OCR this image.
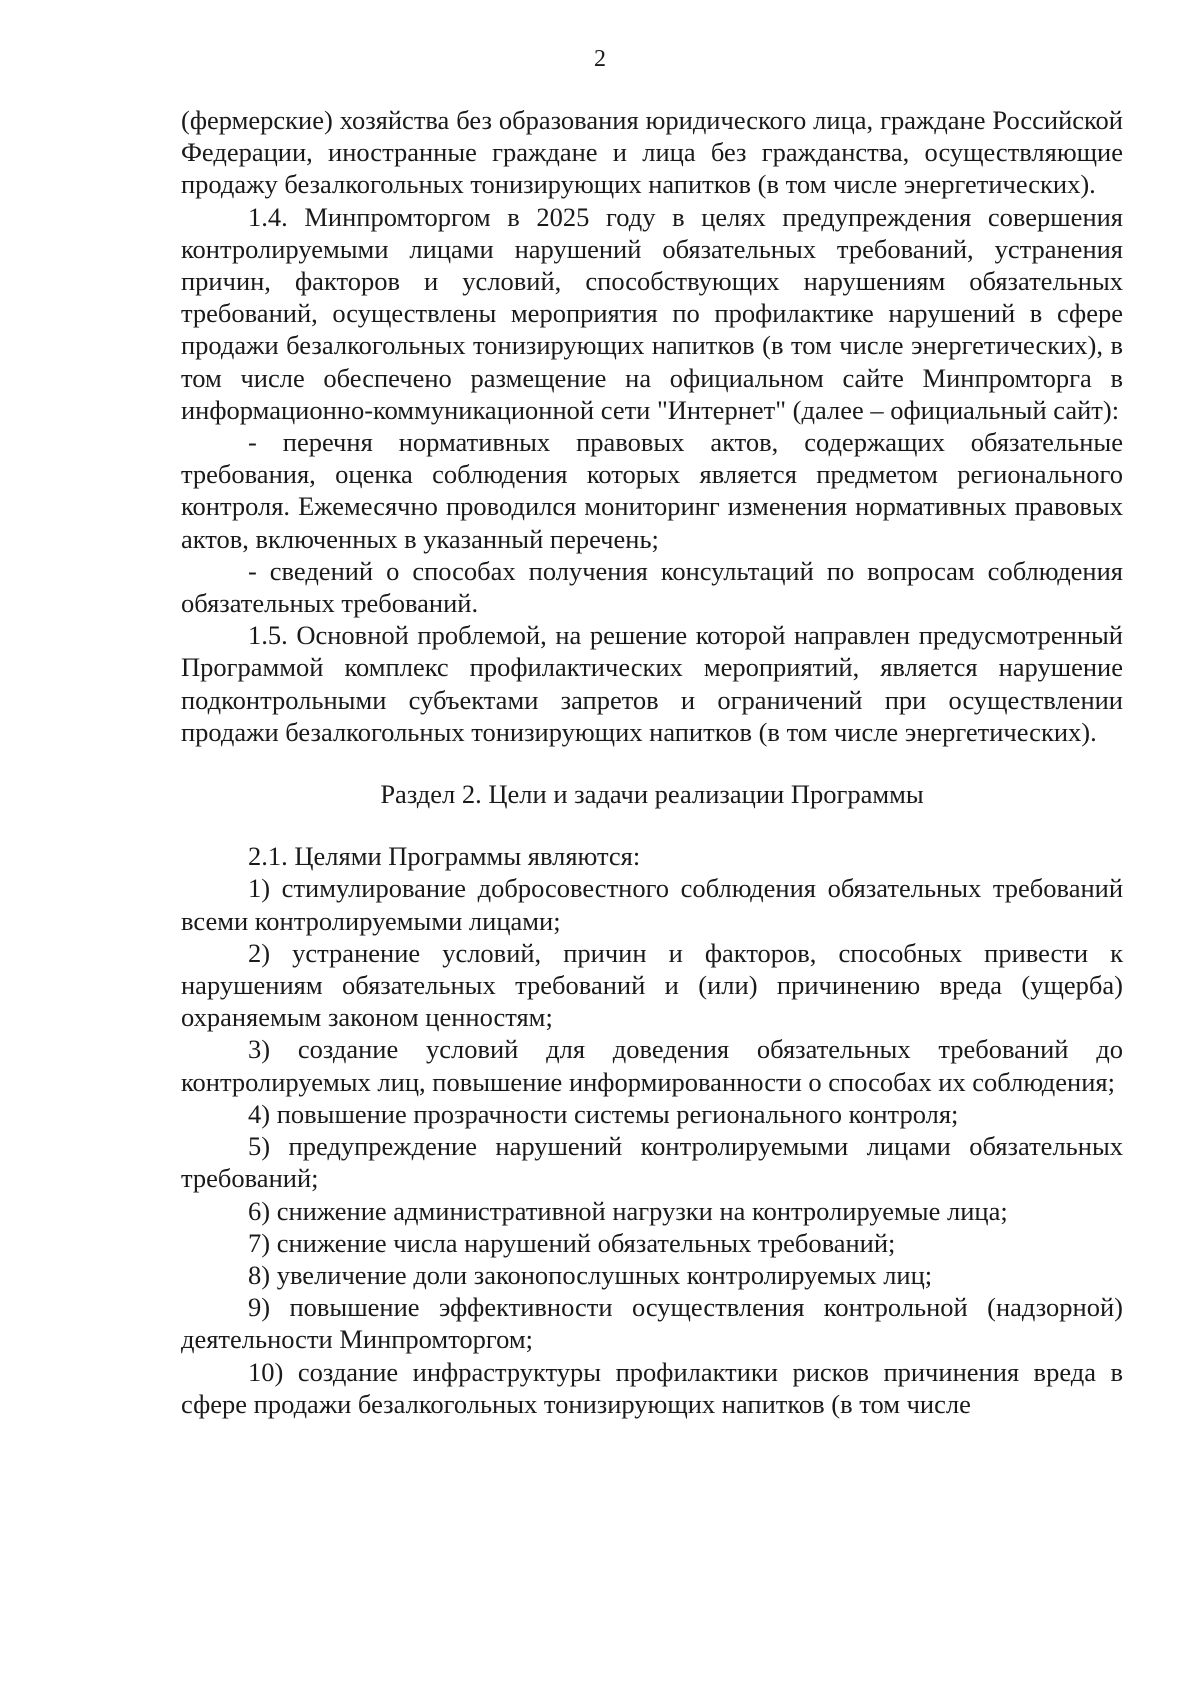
2

(фермерские) хозяйства без образования юридического лица, граждане Российской Федерации, иностранные граждане и лица без гражданства, осуществляющие продажу безалкогольных тонизирующих напитков (в том числе энергетических).

1.4. Минпромторгом в 2025 году в целях предупреждения совершения контролируемыми лицами нарушений обязательных требований, устранения причин, факторов и условий, способствующих нарушениям обязательных требований, осуществлены мероприятия по профилактике нарушений в сфере продажи безалкогольных тонизирующих напитков (в том числе энергетических), в том числе обеспечено размещение на официальном сайте Минпромторга в информационно-коммуникационной сети "Интернет" (далее – официальный сайт):

- перечня нормативных правовых актов, содержащих обязательные требования, оценка соблюдения которых является предметом регионального контроля. Ежемесячно проводился мониторинг изменения нормативных правовых актов, включенных в указанный перечень;

- сведений о способах получения консультаций по вопросам соблюдения обязательных требований.

1.5. Основной проблемой, на решение которой направлен предусмотренный Программой комплекс профилактических мероприятий, является нарушение подконтрольными субъектами запретов и ограничений при осуществлении продажи безалкогольных тонизирующих напитков (в том числе энергетических).

Раздел 2. Цели и задачи реализации Программы

2.1. Целями Программы являются:

1) стимулирование добросовестного соблюдения обязательных требований всеми контролируемыми лицами;

2) устранение условий, причин и факторов, способных привести к нарушениям обязательных требований и (или) причинению вреда (ущерба) охраняемым законом ценностям;

3) создание условий для доведения обязательных требований до контролируемых лиц, повышение информированности о способах их соблюдения;

4) повышение прозрачности системы регионального контроля;

5) предупреждение нарушений контролируемыми лицами обязательных требований;

6) снижение административной нагрузки на контролируемые лица;

7) снижение числа нарушений обязательных требований;

8) увеличение доли законопослушных контролируемых лиц;

9) повышение эффективности осуществления контрольной (надзорной) деятельности Минпромторгом;

10) создание инфраструктуры профилактики рисков причинения вреда в сфере продажи безалкогольных тонизирующих напитков (в том числе
